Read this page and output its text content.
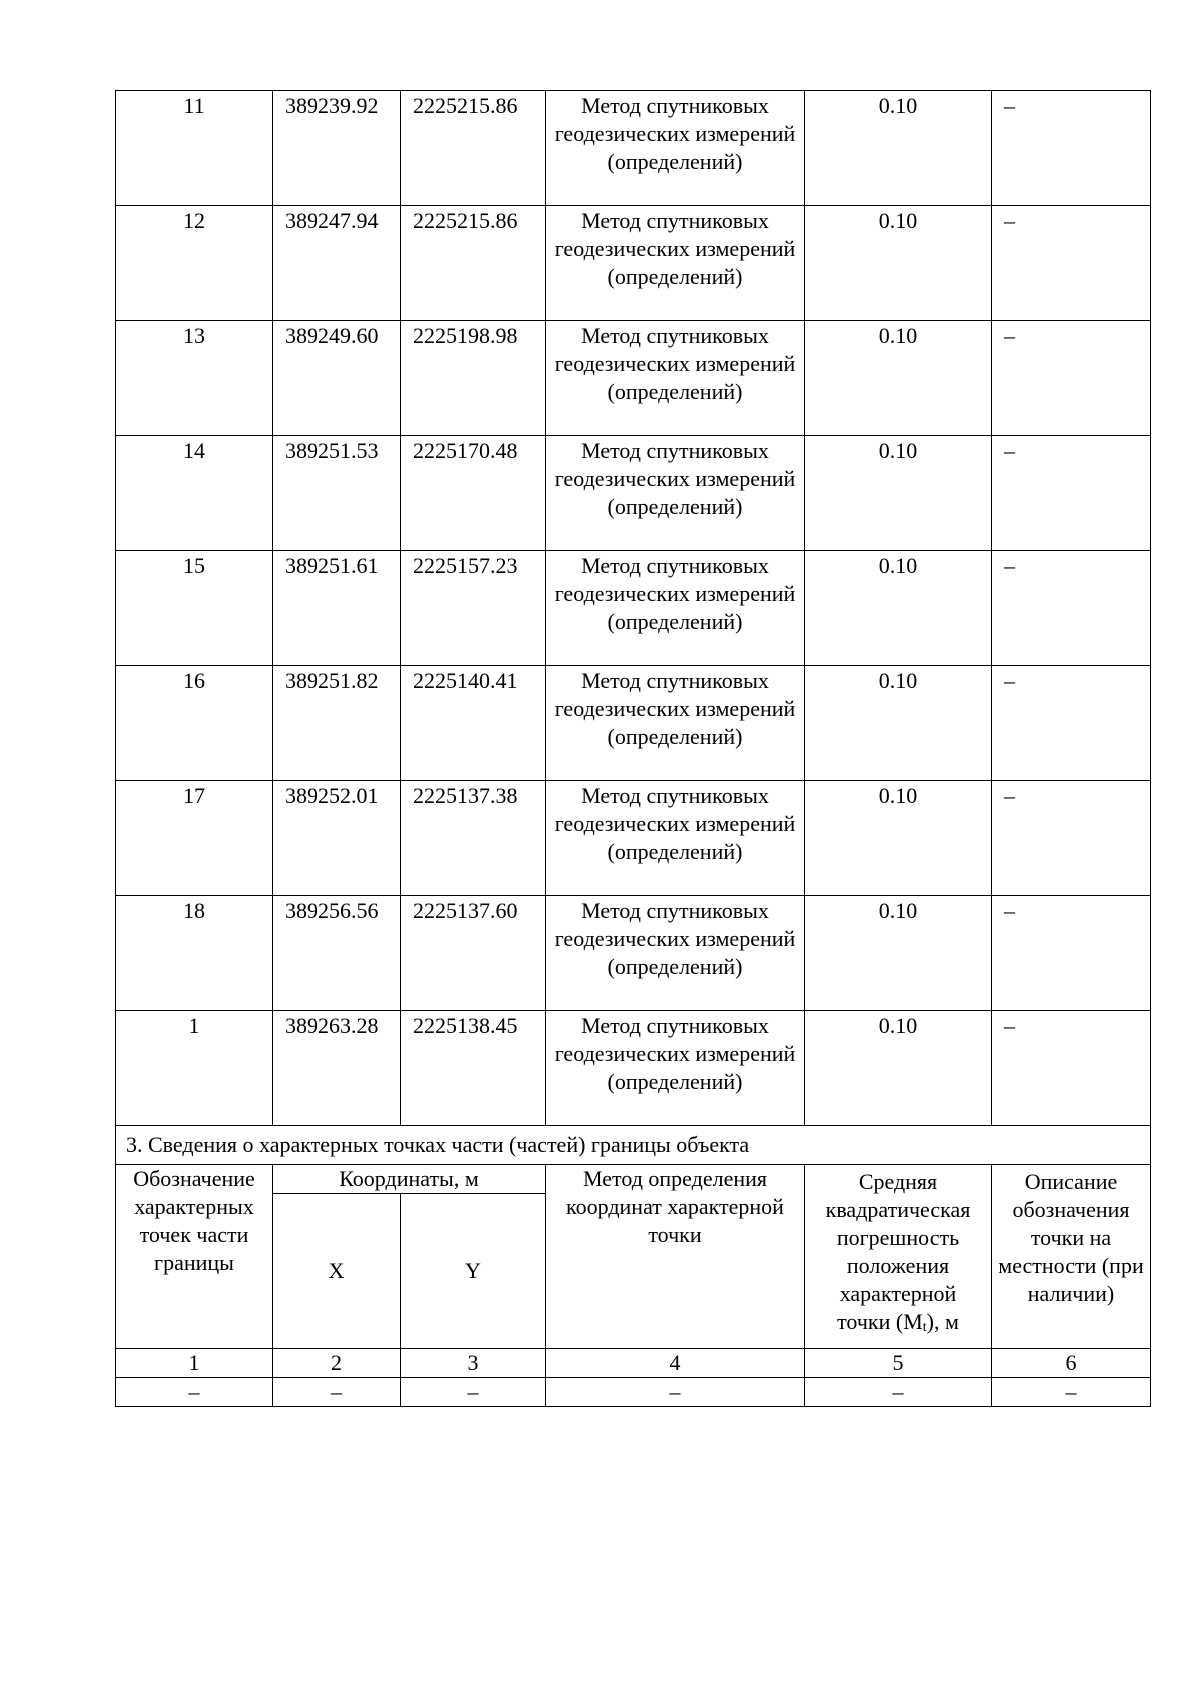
11	389239.92	2225215.86	Метод спутниковых геодезических измерений (определений)	0.10	–
12	389247.94	2225215.86	Метод спутниковых геодезических измерений (определений)	0.10	–
13	389249.60	2225198.98	Метод спутниковых геодезических измерений (определений)	0.10	–
14	389251.53	2225170.48	Метод спутниковых геодезических измерений (определений)	0.10	–
15	389251.61	2225157.23	Метод спутниковых геодезических измерений (определений)	0.10	–
16	389251.82	2225140.41	Метод спутниковых геодезических измерений (определений)	0.10	–
17	389252.01	2225137.38	Метод спутниковых геодезических измерений (определений)	0.10	–
18	389256.56	2225137.60	Метод спутниковых геодезических измерений (определений)	0.10	–
1	389263.28	2225138.45	Метод спутниковых геодезических измерений (определений)	0.10	–
3. Сведения о характерных точках части (частей) границы объекта					
Обозначение характерных точек части границы	Координаты, м		Метод определения координат характерной точки	Средняя квадратическая погрешность положения характерной точки (Mt), м	Описание обозначения точки на местности (при наличии)
	X	Y			
1	2	3	4	5	6
–	–	–	–	–	–
